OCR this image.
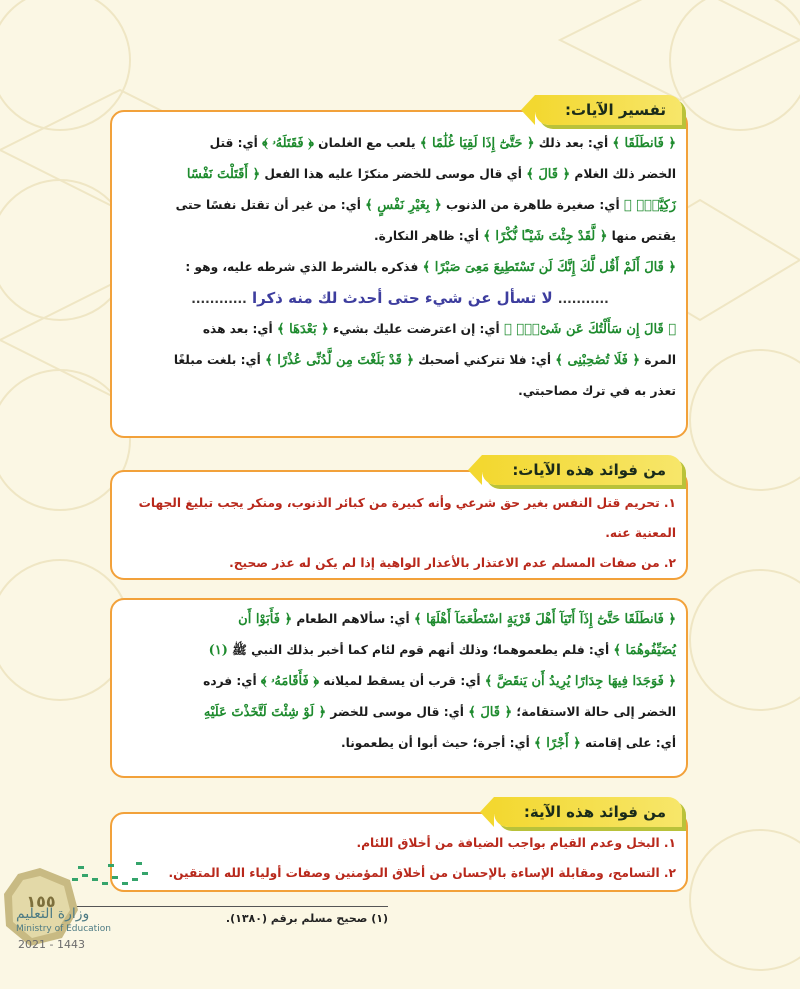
تفسير الآيات:
﴿ فَانطَلَقَا ﴾ أي: بعد ذلك ﴿ حَتَّىٰٓ إِذَا لَقِيَا غُلَٰمًا ﴾ يلعب مع الغلمان ﴿ فَقَتَلَهُۥ ﴾ أي: قتل
الخضر ذلك الغلام ﴿ قَالَ ﴾ أي قال موسى للخضر منكرًا عليه هذا الفعل ﴿ أَقَتَلْتَ نَفْسًا
زَكِيَّةًۢ ﴾ أي: صغيرة طاهرة من الذنوب ﴿ بِغَيْرِ نَفْسٍ ﴾ أي: من غير أن تقتل نفسًا حتى
يقتص منها ﴿ لَّقَدْ جِئْتَ شَيْـًٔا نُّكْرًا ﴾ أي: ظاهر النكارة.
﴿ قَالَ أَلَمْ أَقُل لَّكَ إِنَّكَ لَن تَسْتَطِيعَ مَعِىَ صَبْرًا ﴾ فذكره بالشرط الذي شرطه عليه، وهو :
........... لا تسأل عن شيء حتى أحدث لك منه ذكرا ............
﴿ قَالَ إِن سَأَلْتُكَ عَن شَىْءٍۭ ﴾ أي: إن اعترضت عليك بشيء ﴿ بَعْدَهَا ﴾ أي: بعد هذه
المرة ﴿ فَلَا تُصَٰحِبْنِى ﴾ أي: فلا تتركني أصحبك ﴿ قَدْ بَلَغْتَ مِن لَّدُنِّى عُذْرًا ﴾ أي: بلغت مبلغًا
تعذر به في ترك مصاحبتي.
من فوائد هذه الآيات:
١. تحريم قتل النفس بغير حق شرعي وأنه كبيرة من كبائر الذنوب، ومنكر يجب تبليغ الجهات
المعنية عنه.
٢. من صفات المسلم عدم الاعتذار بالأعذار الواهية إذا لم يكن له عذر صحيح.
﴿ فَانطَلَقَا حَتَّىٰٓ إِذَآ أَتَيَآ أَهْلَ قَرْيَةٍ اسْتَطْعَمَآ أَهْلَهَا ﴾ أي: سألاهم الطعام ﴿ فَأَبَوْا أَن
يُضَيِّفُوهُمَا ﴾ أي: فلم يطعموهما؛ وذلك أنهم قوم لئام كما أخبر بذلك النبي ﷺ (١)
﴿ فَوَجَدَا فِيهَا جِدَارًا يُرِيدُ أَن يَنقَضَّ ﴾ أي: قرب أن يسقط لميلانه ﴿ فَأَقَامَهُۥ ﴾ أي: فرده
الخضر إلى حالة الاستقامة؛ ﴿ قَالَ ﴾ أي: قال موسى للخضر ﴿ لَوْ شِئْتَ لَتَّخَذْتَ عَلَيْهِ
أي: على إقامته ﴿ أَجْرًا ﴾ أي: أجرة؛ حيث أبوا أن يطعمونا.
من فوائد هذه الآية:
١. البخل وعدم القيام بواجب الضيافة من أخلاق اللئام.
٢. التسامح، ومقابلة الإساءة بالإحسان من أخلاق المؤمنين وصفات أولياء الله المتقين.
(١) صحيح مسلم برقم (١٣٨٠).
١٥٥
وزارة التعليم
Ministry of Education
2021 - 1443
